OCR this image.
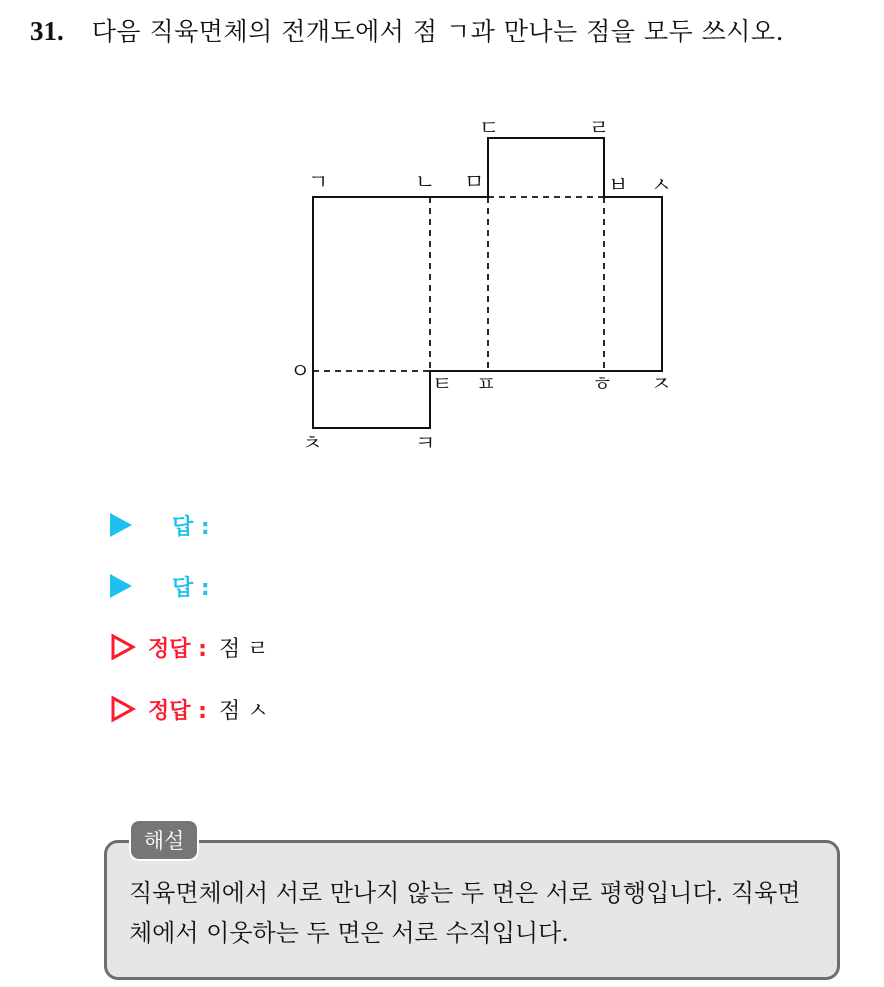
31. 다음 직육면체의 전개도에서 점 ㄱ과 만나는 점을 모두 쓰시오.
ㄱ	ㄴ ㅁ
ㄷ	ㄹ
ㅂ ㅅ
ㅇ
ㅌ ㅍ	ㅎ ㅈ
ㅊ	ㅋ
답 :
답 :
정답 : 점 ㄹ
정답 : 점 ㅅ
직육면체에서 서로 만나지 않는 두 면은 서로 평행입니다. 직육면체에서 이웃하는 두 면은 서로 수직입니다.
해설
